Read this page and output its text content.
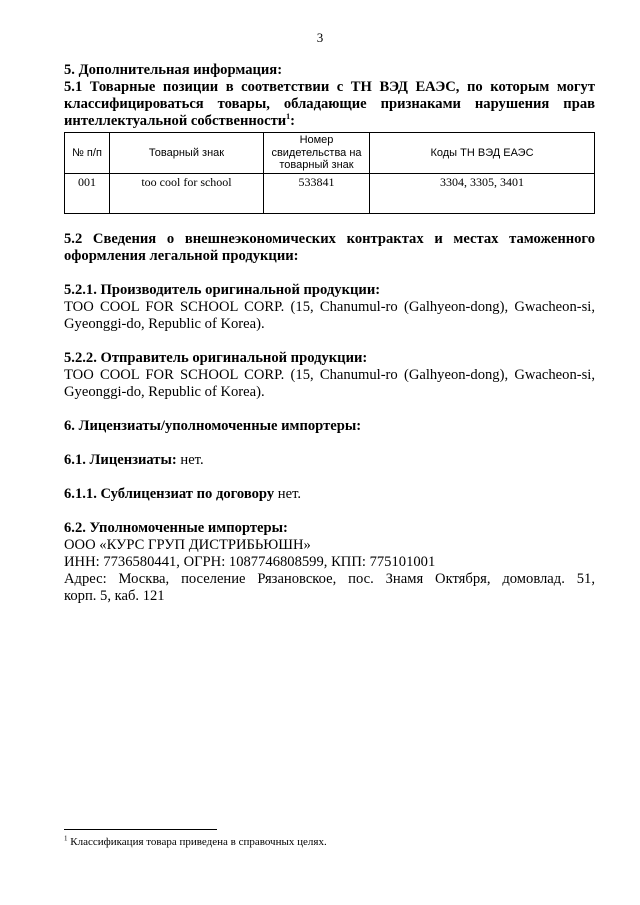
3

5. Дополнительная информация:

5.1 Товарные позиции в соответствии с ТН ВЭД ЕАЭС, по которым могут

классифицироваться товары, обладающие признаками нарушения прав

интеллектуальной собственности$^1$:

№ п/п	Товарный знак	Номер свидетельства на товарный знак	Коды ТН ВЭД ЕАЭС
001	too cool for school	533841	3304, 3305, 3401

5.2 Сведения о внешнеэкономических контрактах и местах таможенного

оформления легальной продукции:

5.2.1. Производитель оригинальной продукции:

TOO COOL FOR SCHOOL CORP. (15, Chanumul-ro (Galhyeon-dong), Gwacheon-si,

Gyeonggi-do, Republic of Korea).

5.2.2. Отправитель оригинальной продукции:

TOO COOL FOR SCHOOL CORP. (15, Chanumul-ro (Galhyeon-dong), Gwacheon-si,

Gyeonggi-do, Republic of Korea).

6. Лицензиаты/уполномоченные импортеры:

6.1. Лицензиаты: нет.

6.1.1. Сублицензиат по договору нет.

6.2. Уполномоченные импортеры:

ООО «КУРС ГРУП ДИСТРИБЬЮШН»

ИНН: 7736580441, ОГРН: 1087746808599, КПП: 775101001

Адрес: Москва, поселение Рязановское, пос. Знамя Октября, домовлад. 51,

корп. 5, каб. 121

$^1$ Классификация товара приведена в справочных целях.
